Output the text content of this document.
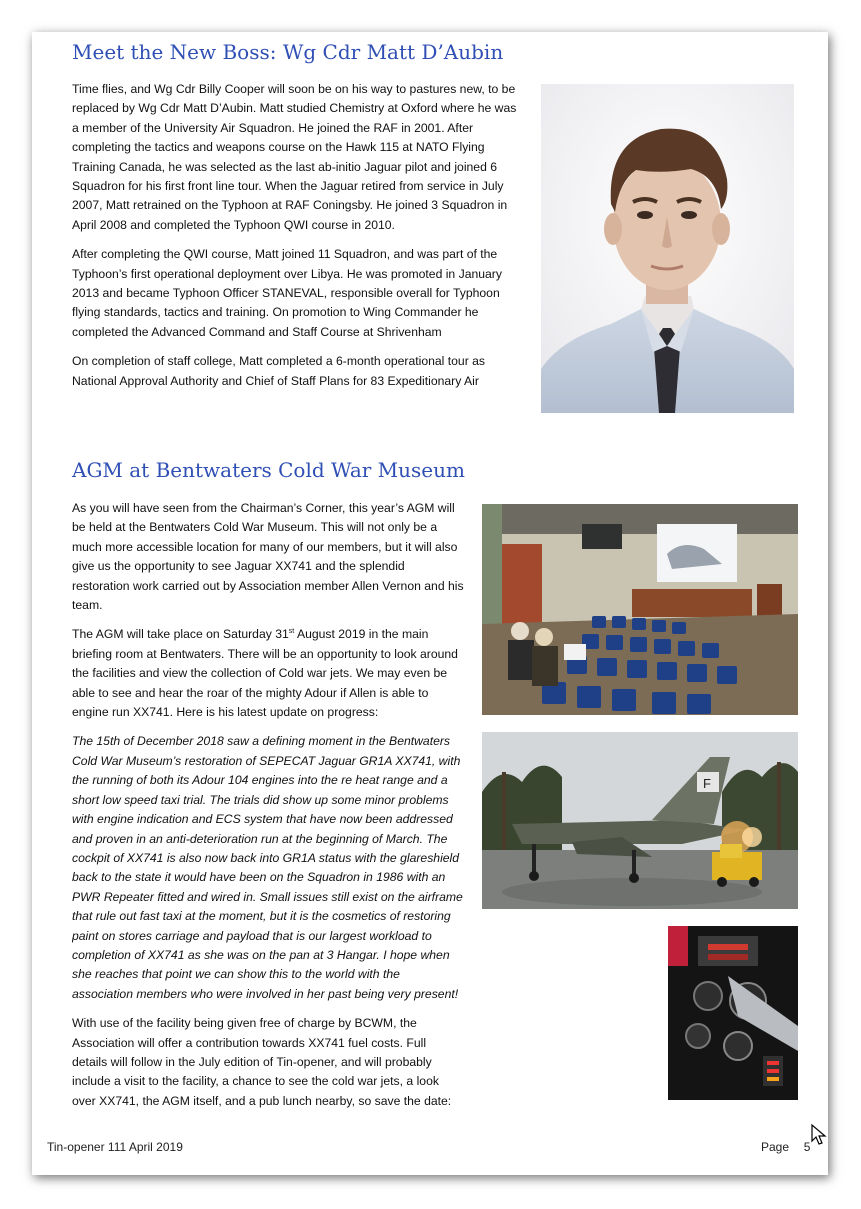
Meet the New Boss: Wg Cdr Matt D’Aubin

Time flies, and Wg Cdr Billy Cooper will soon be on his way to pastures new, to be replaced by Wg Cdr Matt D’Aubin. Matt studied Chemistry at Oxford where he was a member of the University Air Squadron. He joined the RAF in 2001. After completing the tactics and weapons course on the Hawk 115 at NATO Flying Training Canada, he was selected as the last ab-initio Jaguar pilot and joined 6 Squadron for his first front line tour. When the Jaguar retired from service in July 2007, Matt retrained on the Typhoon at RAF Coningsby. He joined 3 Squadron in April 2008 and completed the Typhoon QWI course in 2010.

After completing the QWI course, Matt joined 11 Squadron, and was part of the Typhoon’s first operational deployment over Libya. He was promoted in January 2013 and became Typhoon Officer STANEVAL, responsible overall for Typhoon flying standards, tactics and training. On promotion to Wing Commander he completed the Advanced Command and Staff Course at Shrivenham

On completion of staff college, Matt completed a 6-month operational tour as National Approval Authority and Chief of Staff Plans for 83 Expeditionary Air

AGM at Bentwaters Cold War Museum

As you will have seen from the Chairman’s Corner, this year’s AGM will be held at the Bentwaters Cold War Museum. This will not only be a much more accessible location for many of our members, but it will also give us the opportunity to see Jaguar XX741 and the splendid restoration work carried out by Association member Allen Vernon and his team.

The AGM will take place on Saturday 31st August 2019 in the main briefing room at Bentwaters. There will be an opportunity to look around the facilities and view the collection of Cold war jets. We may even be able to see and hear the roar of the mighty Adour if Allen is able to engine run XX741. Here is his latest update on progress:

The 15th of December 2018 saw a defining moment in the Bentwaters Cold War Museum’s restoration of SEPECAT Jaguar GR1A XX741, with the running of both its Adour 104 engines into the re heat range and a short low speed taxi trial. The trials did show up some minor problems with engine indication and ECS system that have now been addressed and proven in an anti-deterioration run at the beginning of March. The cockpit of XX741 is also now back into GR1A status with the glareshield back to the state it would have been on the Squadron in 1986 with an PWR Repeater fitted and wired in. Small issues still exist on the airframe that rule out fast taxi at the moment, but it is the cosmetics of restoring paint on stores carriage and payload that is our largest workload to completion of XX741 as she was on the pan at 3 Hangar. I hope when she reaches that point we can show this to the world with the association members who were involved in her past being very present!

With use of the facility being given free of charge by BCWM, the Association will offer a contribution towards XX741 fuel costs. Full details will follow in the July edition of Tin-opener, and will probably include a visit to the facility, a chance to see the cold war jets, a look over XX741, the AGM itself, and a pub lunch nearby, so save the date:

F
Tin-opener 111 April 2019	Page 5
